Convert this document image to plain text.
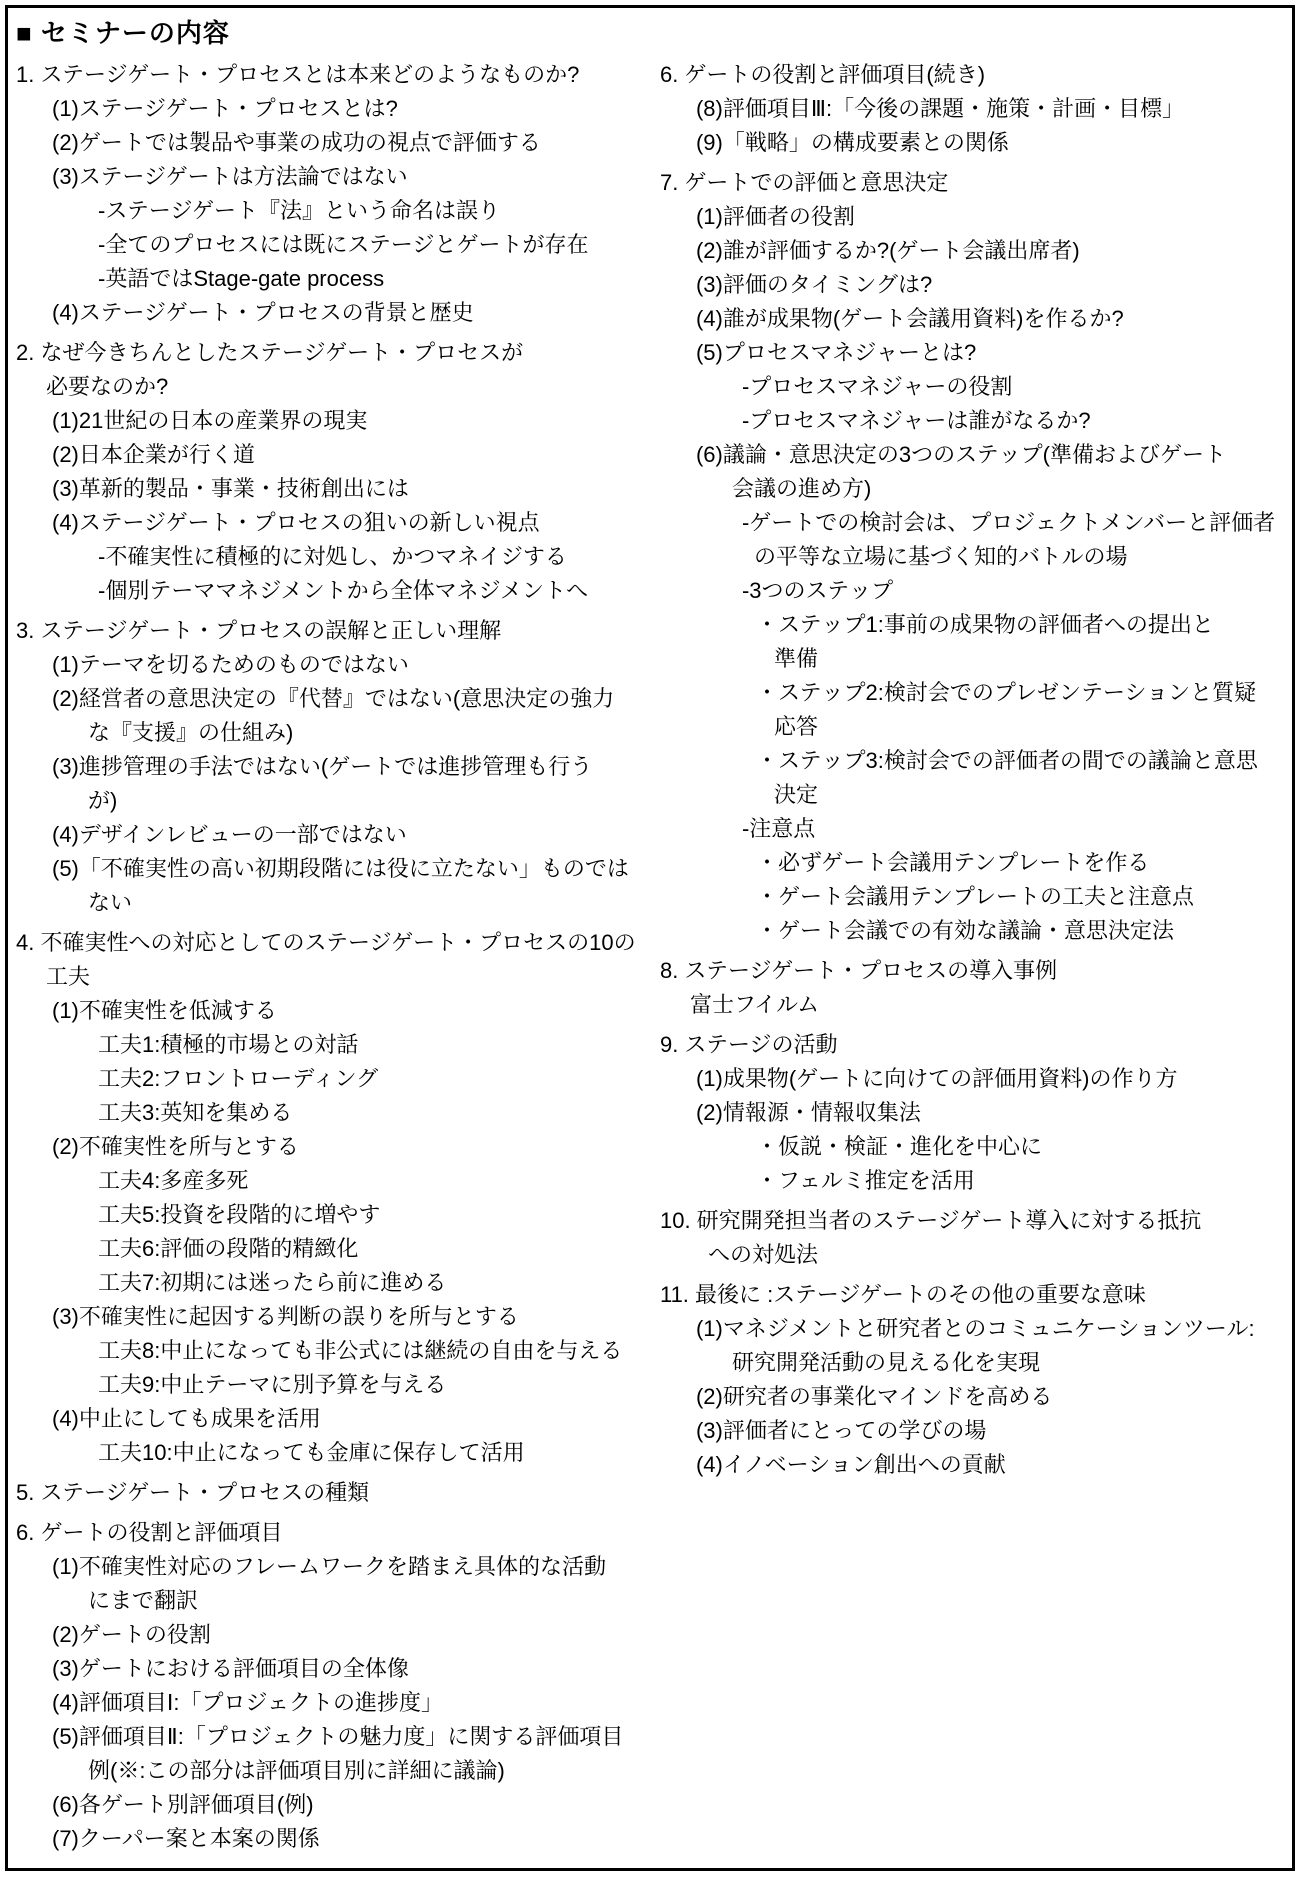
■ セミナーの内容
1. ステージゲート・プロセスとは本来どのようなものか?
(1)ステージゲート・プロセスとは?
(2)ゲートでは製品や事業の成功の視点で評価する
(3)ステージゲートは方法論ではない
-ステージゲート『法』という命名は誤り
-全てのプロセスには既にステージとゲートが存在
-英語ではStage-gate process
(4)ステージゲート・プロセスの背景と歴史
2. なぜ今きちんとしたステージゲート・プロセスが
必要なのか?
(1)21世紀の日本の産業界の現実
(2)日本企業が行く道
(3)革新的製品・事業・技術創出には
(4)ステージゲート・プロセスの狙いの新しい視点
-不確実性に積極的に対処し、かつマネイジする
-個別テーママネジメントから全体マネジメントへ
3. ステージゲート・プロセスの誤解と正しい理解
(1)テーマを切るためのものではない
(2)経営者の意思決定の『代替』ではない(意思決定の強力
な『支援』の仕組み)
(3)進捗管理の手法ではない(ゲートでは進捗管理も行う
が)
(4)デザインレビューの一部ではない
(5)「不確実性の高い初期段階には役に立たない」ものでは
ない
4. 不確実性への対応としてのステージゲート・プロセスの10の
工夫
(1)不確実性を低減する
工夫1:積極的市場との対話
工夫2:フロントローディング
工夫3:英知を集める
(2)不確実性を所与とする
工夫4:多産多死
工夫5:投資を段階的に増やす
工夫6:評価の段階的精緻化
工夫7:初期には迷ったら前に進める
(3)不確実性に起因する判断の誤りを所与とする
工夫8:中止になっても非公式には継続の自由を与える
工夫9:中止テーマに別予算を与える
(4)中止にしても成果を活用
工夫10:中止になっても金庫に保存して活用
5. ステージゲート・プロセスの種類
6. ゲートの役割と評価項目
(1)不確実性対応のフレームワークを踏まえ具体的な活動
にまで翻訳
(2)ゲートの役割
(3)ゲートにおける評価項目の全体像
(4)評価項目Ⅰ:「プロジェクトの進捗度」
(5)評価項目Ⅱ:「プロジェクトの魅力度」に関する評価項目
例(※:この部分は評価項目別に詳細に議論)
(6)各ゲート別評価項目(例)
(7)クーパー案と本案の関係
6. ゲートの役割と評価項目(続き)
(8)評価項目Ⅲ:「今後の課題・施策・計画・目標」
(9)「戦略」の構成要素との関係
7. ゲートでの評価と意思決定
(1)評価者の役割
(2)誰が評価するか?(ゲート会議出席者)
(3)評価のタイミングは?
(4)誰が成果物(ゲート会議用資料)を作るか?
(5)プロセスマネジャーとは?
-プロセスマネジャーの役割
-プロセスマネジャーは誰がなるか?
(6)議論・意思決定の3つのステップ(準備およびゲート
会議の進め方)
-ゲートでの検討会は、プロジェクトメンバーと評価者
の平等な立場に基づく知的バトルの場
-3つのステップ
・ステップ1:事前の成果物の評価者への提出と
準備
・ステップ2:検討会でのプレゼンテーションと質疑
応答
・ステップ3:検討会での評価者の間での議論と意思
決定
-注意点
・必ずゲート会議用テンプレートを作る
・ゲート会議用テンプレートの工夫と注意点
・ゲート会議での有効な議論・意思決定法
8. ステージゲート・プロセスの導入事例
富士フイルム
9. ステージの活動
(1)成果物(ゲートに向けての評価用資料)の作り方
(2)情報源・情報収集法
・仮説・検証・進化を中心に
・フェルミ推定を活用
10. 研究開発担当者のステージゲート導入に対する抵抗
への対処法
11. 最後に :ステージゲートのその他の重要な意味
(1)マネジメントと研究者とのコミュニケーションツール:
研究開発活動の見える化を実現
(2)研究者の事業化マインドを高める
(3)評価者にとっての学びの場
(4)イノベーション創出への貢献
